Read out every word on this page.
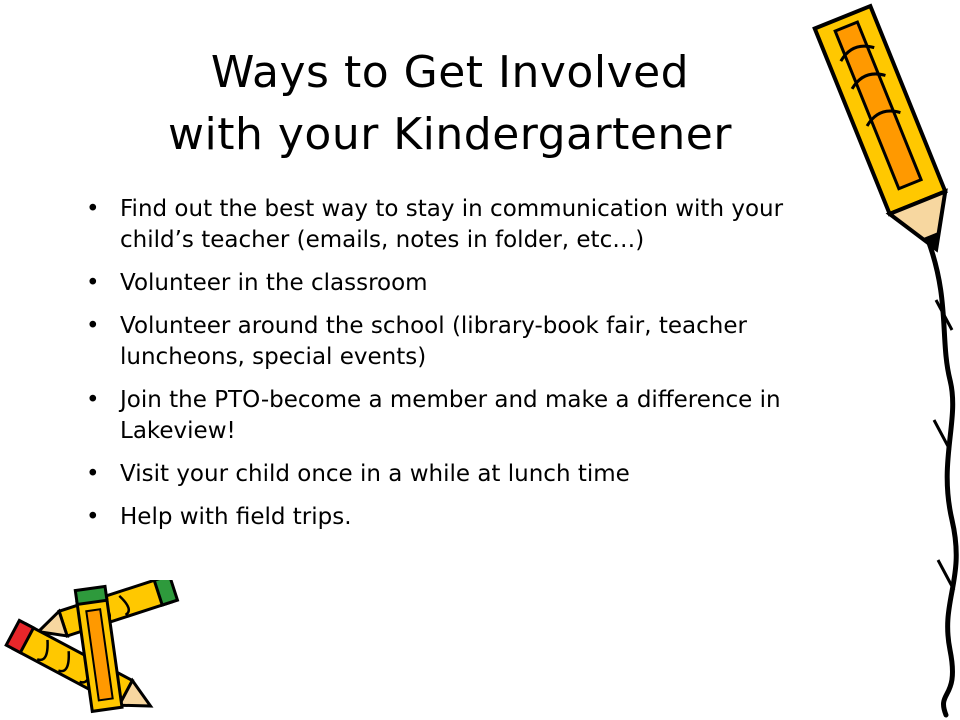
Ways to Get Involved
with your Kindergartener
• Find out the best way to stay in communication with your child’s teacher (emails, notes in folder, etc…)
• Volunteer in the classroom
• Volunteer around the school (library-book fair, teacher luncheons, special events)
• Join the PTO-become a member and make a difference in Lakeview!
• Visit your child once in a while at lunch time
• Help with field trips.
